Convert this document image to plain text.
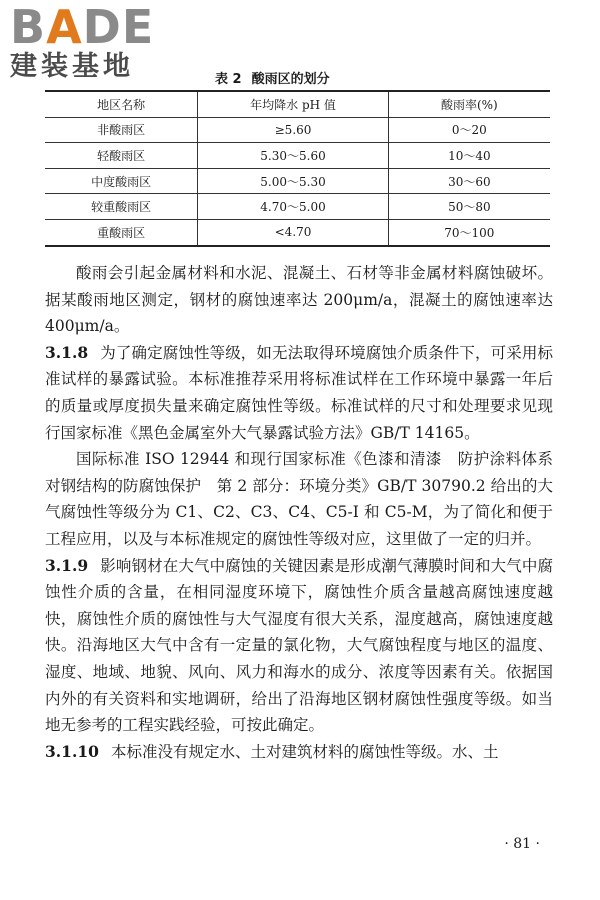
BADE
建装基地	表 2 酸雨区的划分
地区名称	年均降水 pH 值	酸雨率(%)
非酸雨区	≥5.60	0～20
轻酸雨区	5.30～5.60	10～40
中度酸雨区	5.00～5.30	30～60
较重酸雨区	4.70～5.00	50～80
重酸雨区	<4.70	70～100

酸雨会引起金属材料和水泥、混凝土、石材等非金属材料腐蚀破坏。据某酸雨地区测定，钢材的腐蚀速率达 200μm/a，混凝土的腐蚀速率达 400μm/a。

3.1.8 为了确定腐蚀性等级，如无法取得环境腐蚀介质条件下，可采用标准试样的暴露试验。本标准推荐采用将标准试样在工作环境中暴露一年后的质量或厚度损失量来确定腐蚀性等级。标准试样的尺寸和处理要求见现行国家标准《黑色金属室外大气暴露试验方法》GB/T 14165。

国际标准 ISO 12944 和现行国家标准《色漆和清漆　防护涂料体系对钢结构的防腐蚀保护　第 2 部分：环境分类》GB/T 30790.2 给出的大气腐蚀性等级分为 C1、C2、C3、C4、C5-I 和 C5-M，为了简化和便于工程应用，以及与本标准规定的腐蚀性等级对应，这里做了一定的归并。

3.1.9 影响钢材在大气中腐蚀的关键因素是形成潮气薄膜时间和大气中腐蚀性介质的含量，在相同湿度环境下，腐蚀性介质含量越高腐蚀速度越快，腐蚀性介质的腐蚀性与大气湿度有很大关系，湿度越高，腐蚀速度越快。沿海地区大气中含有一定量的氯化物，大气腐蚀程度与地区的温度、湿度、地域、地貌、风向、风力和海水的成分、浓度等因素有关。依据国内外的有关资料和实地调研，给出了沿海地区钢材腐蚀性强度等级。如当地无参考的工程实践经验，可按此确定。

3.1.10 本标准没有规定水、土对建筑材料的腐蚀性等级。水、土

· 81 ·
